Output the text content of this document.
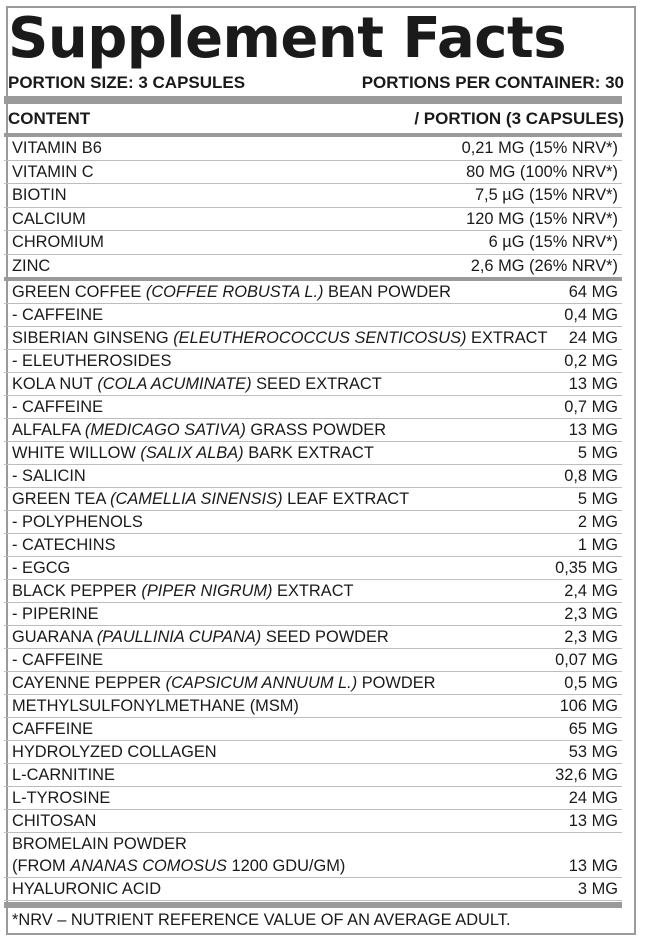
Supplement Facts
PORTION SIZE: 3 CAPSULES	PORTIONS PER CONTAINER: 30
CONTENT	/ PORTION (3 CAPSULES)
VITAMIN B6	0,21 MG (15% NRV*)
VITAMIN C	80 MG (100% NRV*)
BIOTIN	7,5 µG (15% NRV*)
CALCIUM	120 MG (15% NRV*)
CHROMIUM	6 µG (15% NRV*)
ZINC	2,6 MG (26% NRV*)
GREEN COFFEE (COFFEE ROBUSTA L.) BEAN POWDER	64 MG
- CAFFEINE	0,4 MG
SIBERIAN GINSENG (ELEUTHEROCOCCUS SENTICOSUS) EXTRACT 24 MG
- ELEUTHEROSIDES	0,2 MG
KOLA NUT (COLA ACUMINATE) SEED EXTRACT	13 MG
- CAFFEINE	0,7 MG
ALFALFA (MEDICAGO SATIVA) GRASS POWDER	13 MG
WHITE WILLOW (SALIX ALBA) BARK EXTRACT	5 MG
- SALICIN	0,8 MG
GREEN TEA (CAMELLIA SINENSIS) LEAF EXTRACT	5 MG
- POLYPHENOLS	2 MG
- CATECHINS	1 MG
- EGCG	0,35 MG
BLACK PEPPER (PIPER NIGRUM) EXTRACT	2,4 MG
- PIPERINE	2,3 MG
GUARANA (PAULLINIA CUPANA) SEED POWDER	2,3 MG
- CAFFEINE	0,07 MG
CAYENNE PEPPER (CAPSICUM ANNUUM L.) POWDER	0,5 MG
METHYLSULFONYLMETHANE (MSM)	106 MG
CAFFEINE	65 MG
HYDROLYZED COLLAGEN	53 MG
L-CARNITINE	32,6 MG
L-TYROSINE	24 MG
CHITOSAN	13 MG
BROMELAIN POWDER
(FROM ANANAS COMOSUS 1200 GDU/GM)	13 MG
HYALURONIC ACID	3 MG
*NRV – NUTRIENT REFERENCE VALUE OF AN AVERAGE ADULT.
